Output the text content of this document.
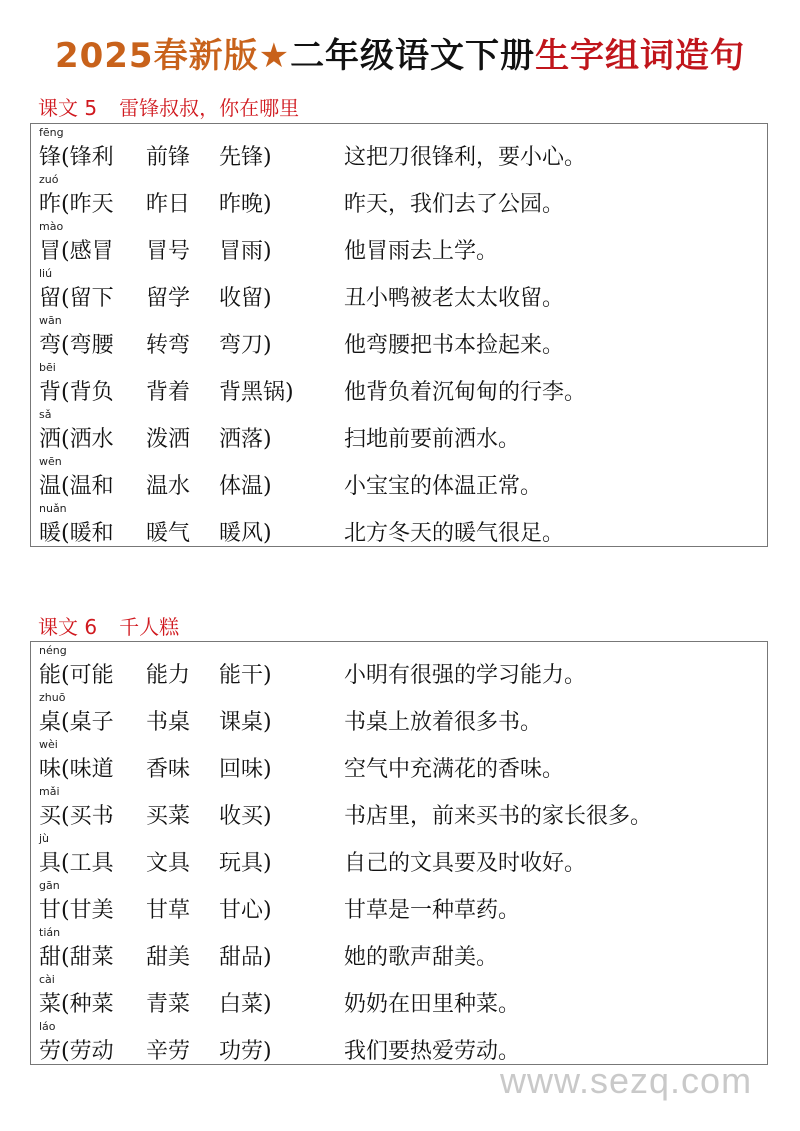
2025春新版★二年级语文下册生字组词造句
课文 5 雷锋叔叔，你在哪里
fēng
锋 (锋利 前锋 先锋)	这把刀很锋利，要小心。
zuó
昨 (昨天 昨日 昨晚)	昨天，我们去了公园。
mào
冒 (感冒 冒号 冒雨)	他冒雨去上学。
liú
留 (留下 留学 收留)	丑小鸭被老太太收留。
wān
弯 (弯腰 转弯 弯刀)	他弯腰把书本捡起来。
bēi
背 (背负 背着 背黑锅) 他背负着沉甸甸的行李。
sǎ
洒 (洒水 泼洒 洒落)	扫地前要前洒水。
wēn
温 (温和 温水 体温)	小宝宝的体温正常。
nuǎn
暖 (暖和 暖气 暖风)	北方冬天的暖气很足。
课文 6 千人糕
néng
能 (可能 能力 能干)	小明有很强的学习能力。
zhuō
桌 (桌子 书桌 课桌)	书桌上放着很多书。
wèi
味 (味道 香味 回味)	空气中充满花的香味。
mǎi
买 (买书 买菜 收买)	书店里，前来买书的家长很多。
jù
具 (工具 文具 玩具)	自己的文具要及时收好。
gān
甘 (甘美 甘草 甘心)	甘草是一种草药。
tián
甜 (甜菜 甜美 甜品)	她的歌声甜美。
cài
菜 (种菜 青菜 白菜)	奶奶在田里种菜。
láo
劳 (劳动 辛劳 功劳)	我们要热爱劳动。
www.sezq.com
